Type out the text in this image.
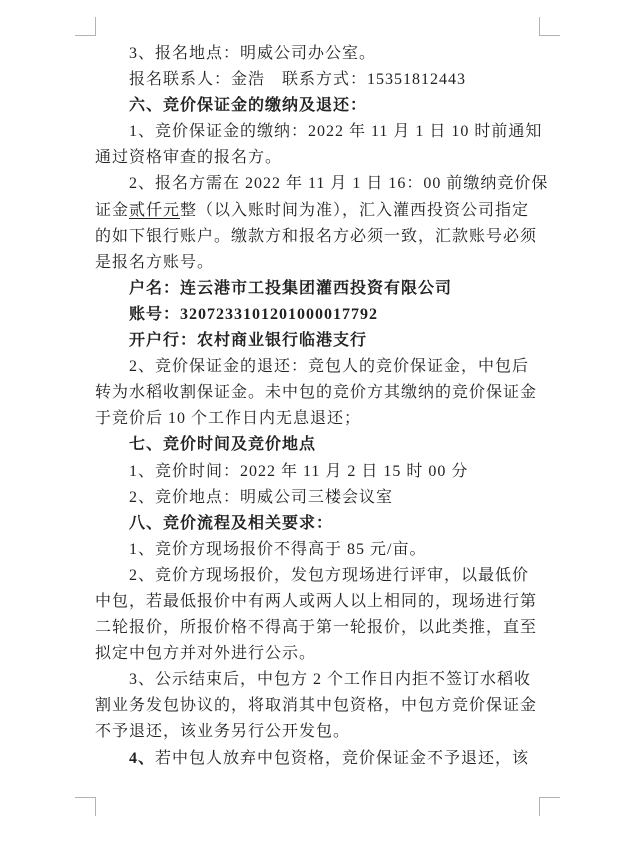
3、报名地点：明威公司办公室。
报名联系人：金浩　联系方式：15351812443
六、竞价保证金的缴纳及退还：
1、竞价保证金的缴纳：2022 年 11 月 1 日 10 时前通知
通过资格审查的报名方。
2、报名方需在 2022 年 11 月 1 日 16：00 前缴纳竞价保
证金贰仟元整（以入账时间为准），汇入灌西投资公司指定
的如下银行账户。缴款方和报名方必须一致，汇款账号必须
是报名方账号。
户名：连云港市工投集团灌西投资有限公司
账号：3207233101201000017792
开户行：农村商业银行临港支行
2、竞价保证金的退还：竞包人的竞价保证金，中包后
转为水稻收割保证金。未中包的竞价方其缴纳的竞价保证金
于竞价后 10 个工作日内无息退还；
七、竞价时间及竞价地点
1、竞价时间：2022 年 11 月 2 日 15 时 00 分
2、竞价地点：明威公司三楼会议室
八、竞价流程及相关要求：
1、竞价方现场报价不得高于 85 元/亩。
2、竞价方现场报价，发包方现场进行评审，以最低价
中包，若最低报价中有两人或两人以上相同的，现场进行第
二轮报价，所报价格不得高于第一轮报价，以此类推，直至
拟定中包方并对外进行公示。
3、公示结束后，中包方 2 个工作日内拒不签订水稻收
割业务发包协议的，将取消其中包资格，中包方竞价保证金
不予退还，该业务另行公开发包。
4、若中包人放弃中包资格，竞价保证金不予退还，该
